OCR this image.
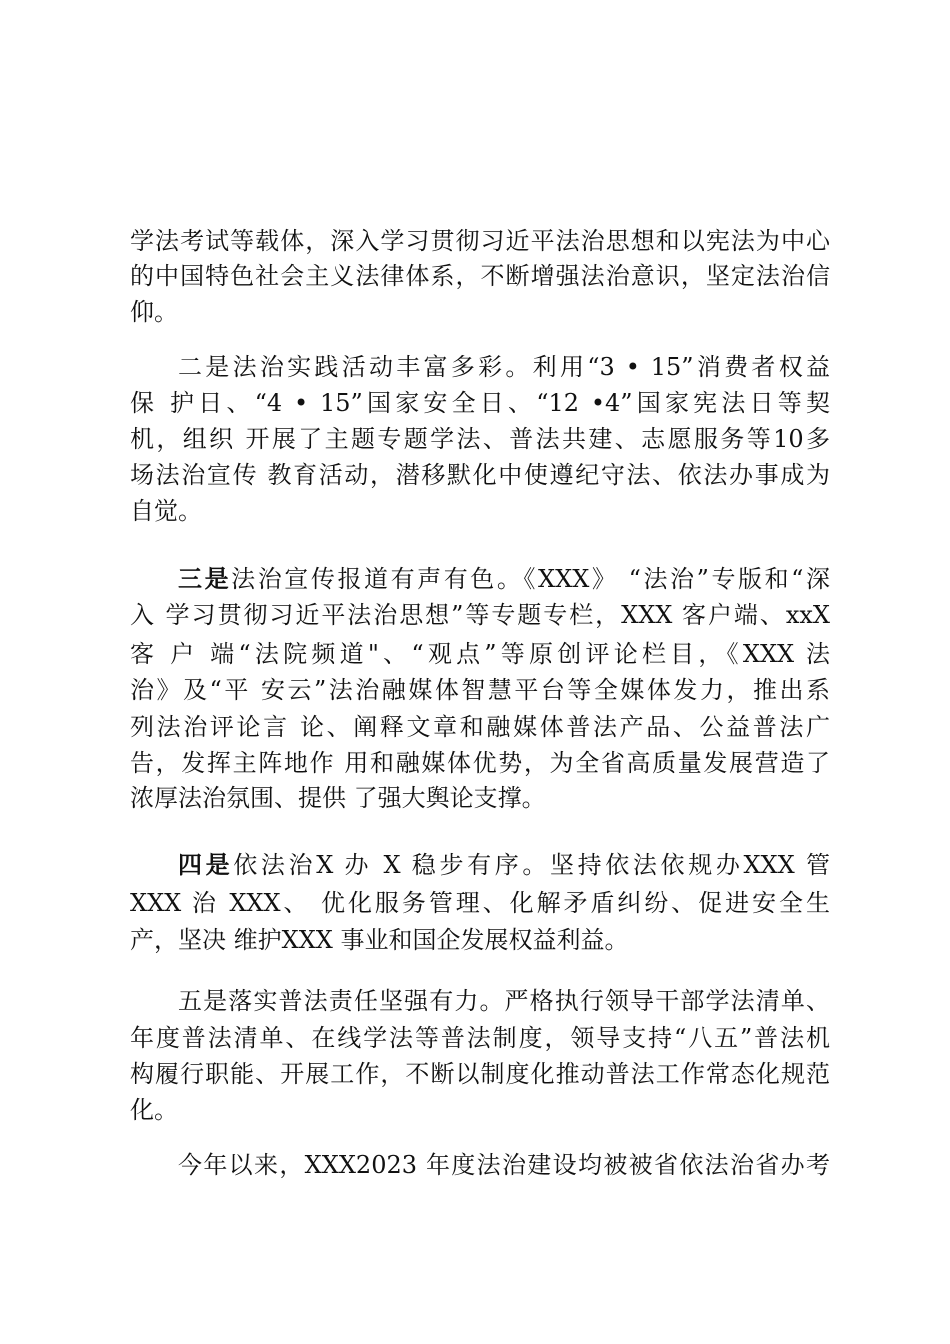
学法考试等载体，深入学习贯彻习近平法治思想和以宪法为中心
的中国特色社会主义法律体系，不断增强法治意识，坚定法治信
仰。
二是法治实践活动丰富多彩。利用“3 • 15”消费者权益
保 护日、“4 • 15”国家安全日、“12 •4”国家宪法日等契
机，组织 开展了主题专题学法、普法共建、志愿服务等10多
场法治宣传 教育活动，潜移默化中使遵纪守法、依法办事成为
自觉。
三是法治宣传报道有声有色。《XXX》 “法治”专版和“深
入 学习贯彻习近平法治思想”等专题专栏，XXX 客户端、xxX
客 户 端“法院频道"、“观点”等原创评论栏目，《XXX 法
治》及“平 安云”法治融媒体智慧平台等全媒体发力，推出系
列法治评论言 论、阐释文章和融媒体普法产品、公益普法广
告，发挥主阵地作 用和融媒体优势，为全省高质量发展营造了
浓厚法治氛围、提供 了强大舆论支撑。
四是依法治X 办 X 稳步有序。坚持依法依规办XXX 管
XXX 治 XXX、 优化服务管理、化解矛盾纠纷、促进安全生
产，坚决 维护XXX 事业和国企发展权益利益。
五是落实普法责任坚强有力。严格执行领导干部学法清单、
年度普法清单、在线学法等普法制度，领导支持“八五”普法机
构履行职能、开展工作，不断以制度化推动普法工作常态化规范
化。
今年以来，XXX2023 年度法治建设均被被省依法治省办考
